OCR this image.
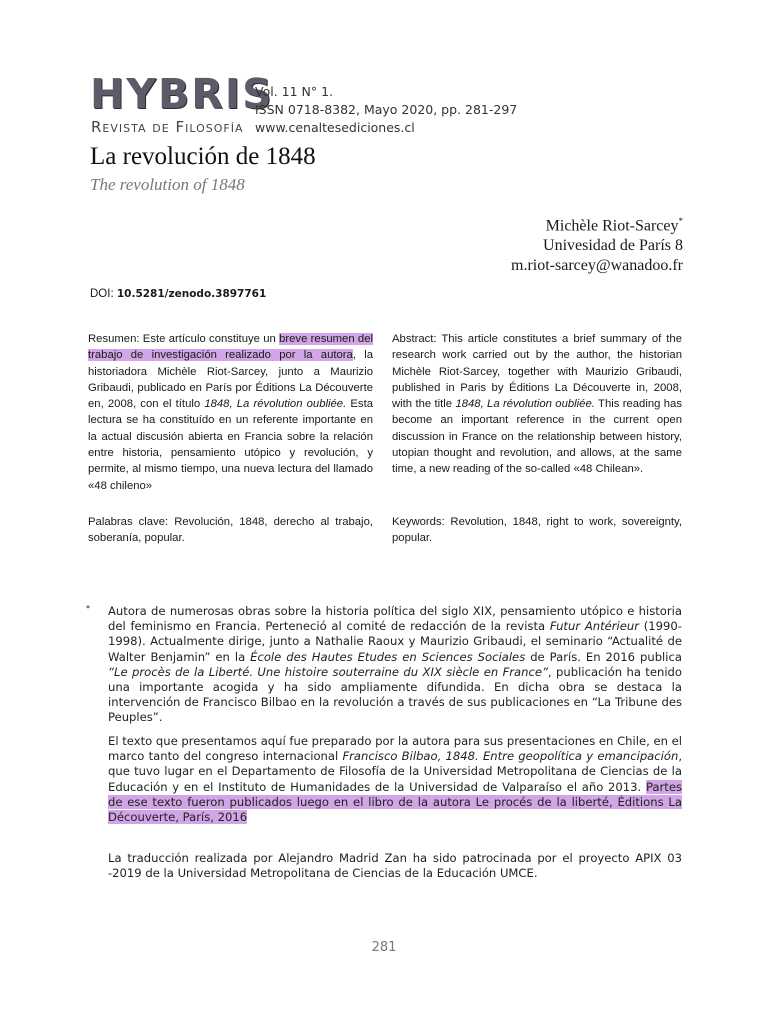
HYBRIS
Revista de Filosofía
Vol. 11 N° 1.
ISSN 0718-8382, Mayo 2020, pp. 281-297
www.cenaltesediciones.cl
La revolución de 1848
The revolution of 1848
Michèle Riot-Sarcey*
Univesidad de París 8
m.riot-sarcey@wanadoo.fr
DOI: 10.5281/zenodo.3897761
Resumen: Este artículo constituye un breve resumen del trabajo de investigación realizado por la autora, la historiadora Michèle Riot-Sarcey, junto a Maurizio Gribaudi, publicado en París por Éditions La Découverte en, 2008, con el título 1848, La révolution oubliée. Esta lectura se ha constituído en un referente importante en la actual discusión abierta en Francia sobre la relación entre historia, pensamiento utópico y revolución, y permite, al mismo tiempo, una nueva lectura del llamado «48 chileno»
Abstract: This article constitutes a brief summary of the research work carried out by the author, the historian Michèle Riot-Sarcey, together with Maurizio Gribaudi, published in Paris by Éditions La Découverte in, 2008, with the title 1848, La révolution oubliée. This reading has become an important reference in the current open discussion in France on the relationship between history, utopian thought and revolution, and allows, at the same time, a new reading of the so-called «48 Chilean».
Palabras clave: Revolución, 1848, derecho al trabajo, soberanía, popular.
Keywords: Revolution, 1848, right to work, sovereignty, popular.
* Autora de numerosas obras sobre la historia política del siglo XIX, pensamiento utópico e historia del feminismo en Francia. Perteneció al comité de redacción de la revista Futur Antérieur (1990-1998). Actualmente dirige, junto a Nathalie Raoux y Maurizio Gribaudi, el seminario “Actualité de Walter Benjamin” en la École des Hautes Etudes en Sciences Sociales de París. En 2016 publica “Le procès de la Liberté. Une histoire souterraine du XIX siècle en France”, publicación ha tenido una importante acogida y ha sido ampliamente difundida. En dicha obra se destaca la intervención de Francisco Bilbao en la revolución a través de sus publicaciones en “La Tribune des Peuples”.
El texto que presentamos aquí fue preparado por la autora para sus presentaciones en Chile, en el marco tanto del congreso internacional Francisco Bilbao, 1848. Entre geopolítica y emancipación, que tuvo lugar en el Departamento de Filosofía de la Universidad Metropolitana de Ciencias de la Educación y en el Instituto de Humanidades de la Universidad de Valparaíso el año 2013. Partes de ese texto fueron publicados luego en el libro de la autora Le procés de la liberté, Éditions La Découverte, París, 2016
La traducción realizada por Alejandro Madrid Zan ha sido patrocinada por el proyecto APIX 03 -2019 de la Universidad Metropolitana de Ciencias de la Educación UMCE.
281
